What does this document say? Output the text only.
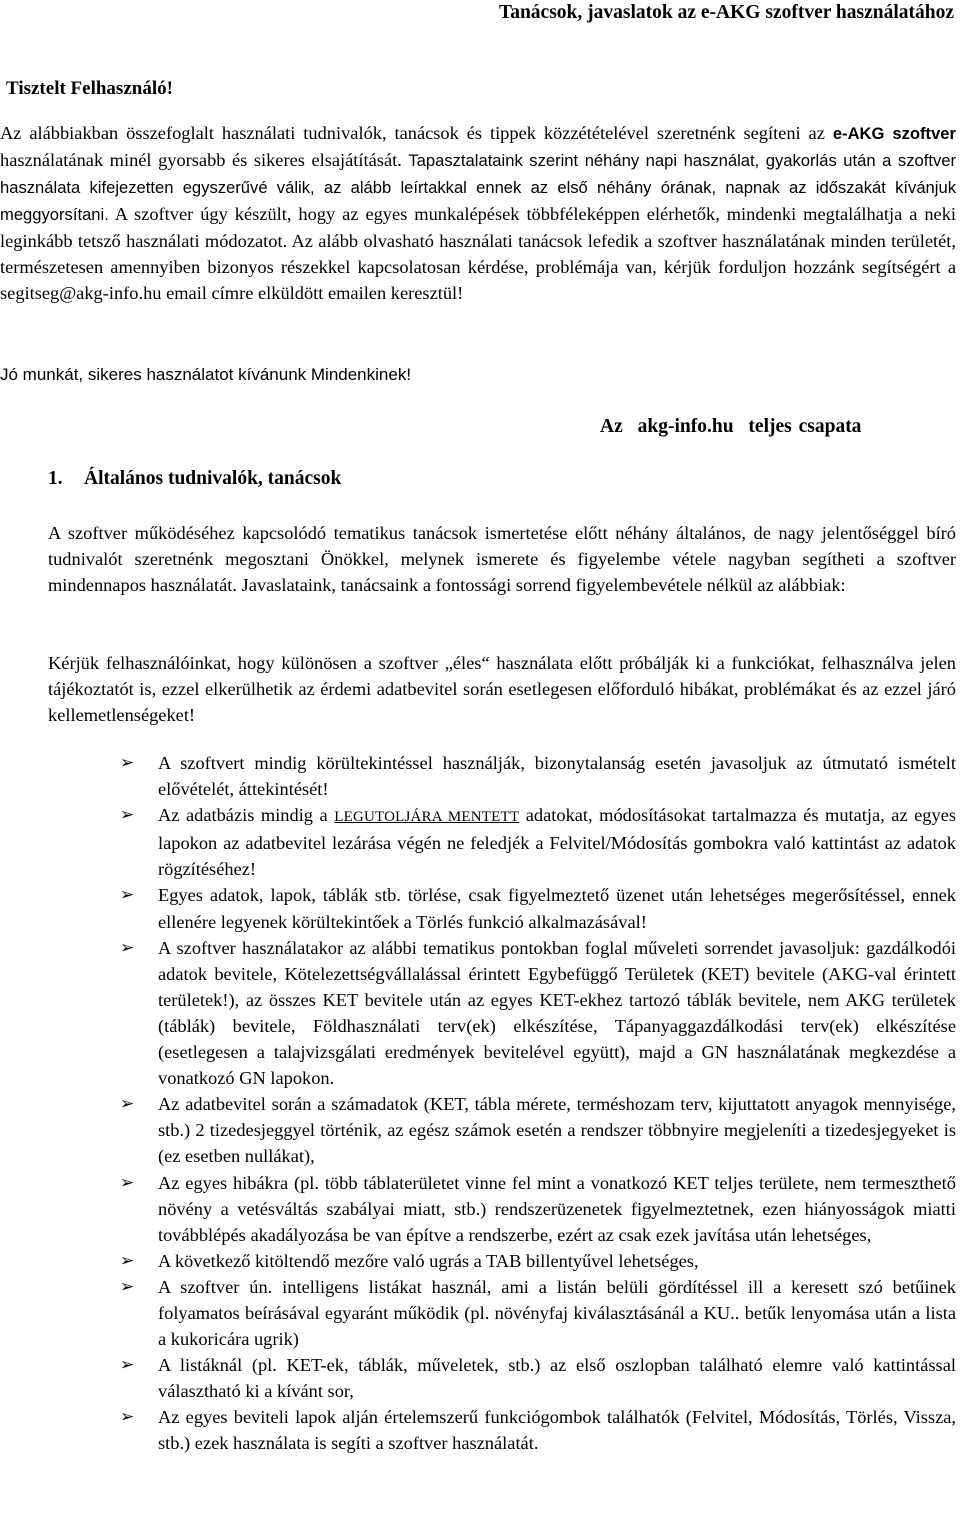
Tanácsok, javaslatok az e-AKG szoftver használatához
Tisztelt Felhasználó!
Az alábbiakban összefoglalt használati tudnivalók, tanácsok és tippek közzétételével szeretnénk segíteni az e-AKG szoftver használatának minél gyorsabb és sikeres elsajátítását. Tapasztalataink szerint néhány napi használat, gyakorlás után a szoftver használata kifejezetten egyszerűvé válik, az alább leírtakkal ennek az első néhány órának, napnak az időszakát kívánjuk meggyorsítani. A szoftver úgy készült, hogy az egyes munkalépések többféleképpen elérhetők, mindenki megtalálhatja a neki leginkább tetsző használati módozatot. Az alább olvasható használati tanácsok lefedik a szoftver használatának minden területét, természetesen amennyiben bizonyos részekkel kapcsolatosan kérdése, problémája van, kérjük forduljon hozzánk segítségért a segitseg@akg-info.hu email címre elküldött emailen keresztül!
Jó munkát, sikeres használatot kívánunk Mindenkinek!
Az akg-info.hu teljes csapata
1. Általános tudnivalók, tanácsok
A szoftver működéséhez kapcsolódó tematikus tanácsok ismertetése előtt néhány általános, de nagy jelentőséggel bíró tudnivalót szeretnénk megosztani Önökkel, melynek ismerete és figyelembe vétele nagyban segítheti a szoftver mindennapos használatát. Javaslataink, tanácsaink a fontossági sorrend figyelembevétele nélkül az alábbiak:
Kérjük felhasználóinkat, hogy különösen a szoftver „éles“ használata előtt próbálják ki a funkciókat, felhasználva jelen tájékoztatót is, ezzel elkerülhetik az érdemi adatbevitel során esetlegesen előforduló hibákat, problémákat és az ezzel járó kellemetlenségeket!
➢ A szoftvert mindig körültekintéssel használják, bizonytalanság esetén javasoljuk az útmutató ismételt elővételét, áttekintését!
➢ Az adatbázis mindig a LEGUTOLJÁRA MENTETT adatokat, módosításokat tartalmazza és mutatja, az egyes lapokon az adatbevitel lezárása végén ne feledjék a Felvitel/Módosítás gombokra való kattintást az adatok rögzítéséhez!
➢ Egyes adatok, lapok, táblák stb. törlése, csak figyelmeztető üzenet után lehetséges megerősítéssel, ennek ellenére legyenek körültekintőek a Törlés funkció alkalmazásával!
➢ A szoftver használatakor az alábbi tematikus pontokban foglal műveleti sorrendet javasoljuk: gazdálkodói adatok bevitele, Kötelezettségvállalással érintett Egybefüggő Területek (KET) bevitele (AKG-val érintett területek!), az összes KET bevitele után az egyes KET-ekhez tartozó táblák bevitele, nem AKG területek (táblák) bevitele, Földhasználati terv(ek) elkészítése, Tápanyaggazdálkodási terv(ek) elkészítése (esetlegesen a talajvizsgálati eredmények bevitelével együtt), majd a GN használatának megkezdése a vonatkozó GN lapokon.
➢ Az adatbevitel során a számadatok (KET, tábla mérete, terméshozam terv, kijuttatott anyagok mennyisége, stb.) 2 tizedesjeggyel történik, az egész számok esetén a rendszer többnyire megjeleníti a tizedesjegyeket is (ez esetben nullákat),
➢ Az egyes hibákra (pl. több táblaterületet vinne fel mint a vonatkozó KET teljes területe, nem termeszthető növény a vetésváltás szabályai miatt, stb.) rendszerüzenetek figyelmeztetnek, ezen hiányosságok miatti továbblépés akadályozása be van építve a rendszerbe, ezért az csak ezek javítása után lehetséges,
➢ A következő kitöltendő mezőre való ugrás a TAB billentyűvel lehetséges,
➢ A szoftver ún. intelligens listákat használ, ami a listán belüli gördítéssel ill a keresett szó betűinek folyamatos beírásával egyaránt működik (pl. növényfaj kiválasztásánál a KU.. betűk lenyomása után a lista a kukoricára ugrik)
➢ A listáknál (pl. KET-ek, táblák, műveletek, stb.) az első oszlopban található elemre való kattintással választható ki a kívánt sor,
➢ Az egyes beviteli lapok alján értelemszerű funkciógombok találhatók (Felvitel, Módosítás, Törlés, Vissza, stb.) ezek használata is segíti a szoftver használatát.
